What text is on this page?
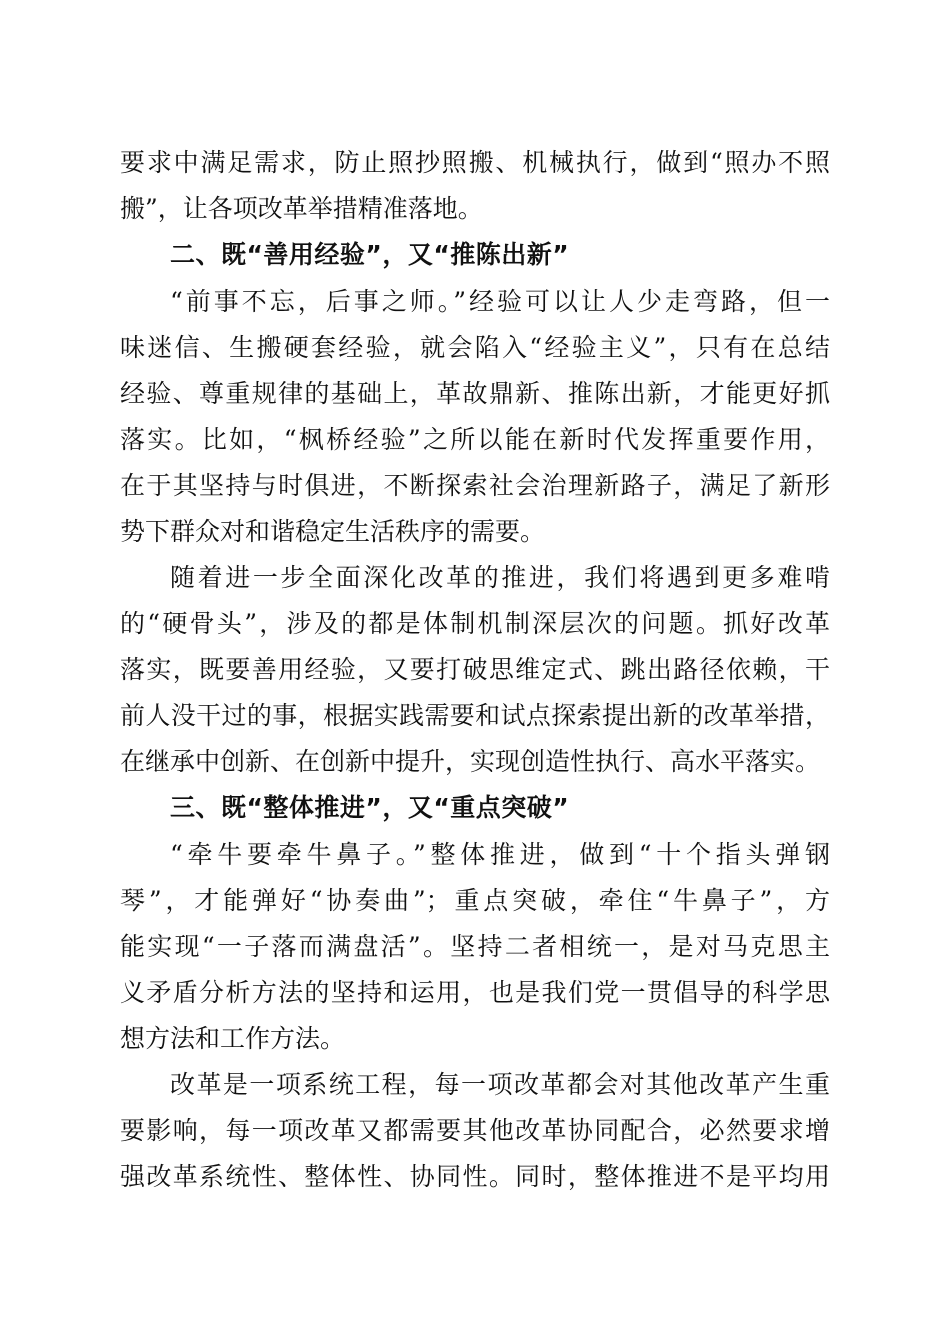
要求中满足需求，防止照抄照搬、机械执行，做到“照办不照
搬”，让各项改革举措精准落地。
二、既“善用经验”，又“推陈出新”
“前事不忘，后事之师。”经验可以让人少走弯路，但一
味迷信、生搬硬套经验，就会陷入“经验主义”，只有在总结
经验、尊重规律的基础上，革故鼎新、推陈出新，才能更好抓
落实。比如，“枫桥经验”之所以能在新时代发挥重要作用，
在于其坚持与时俱进，不断探索社会治理新路子，满足了新形
势下群众对和谐稳定生活秩序的需要。
随着进一步全面深化改革的推进，我们将遇到更多难啃
的“硬骨头”，涉及的都是体制机制深层次的问题。抓好改革
落实，既要善用经验，又要打破思维定式、跳出路径依赖，干
前人没干过的事，根据实践需要和试点探索提出新的改革举措，
在继承中创新、在创新中提升，实现创造性执行、高水平落实。
三、既“整体推进”，又“重点突破”
“牵牛要牵牛鼻子。”整体推进，做到“十个指头弹钢
琴”，才能弹好“协奏曲”；重点突破，牵住“牛鼻子”，方
能实现“一子落而满盘活”。坚持二者相统一，是对马克思主
义矛盾分析方法的坚持和运用，也是我们党一贯倡导的科学思
想方法和工作方法。
改革是一项系统工程，每一项改革都会对其他改革产生重
要影响，每一项改革又都需要其他改革协同配合，必然要求增
强改革系统性、整体性、协同性。同时，整体推进不是平均用
